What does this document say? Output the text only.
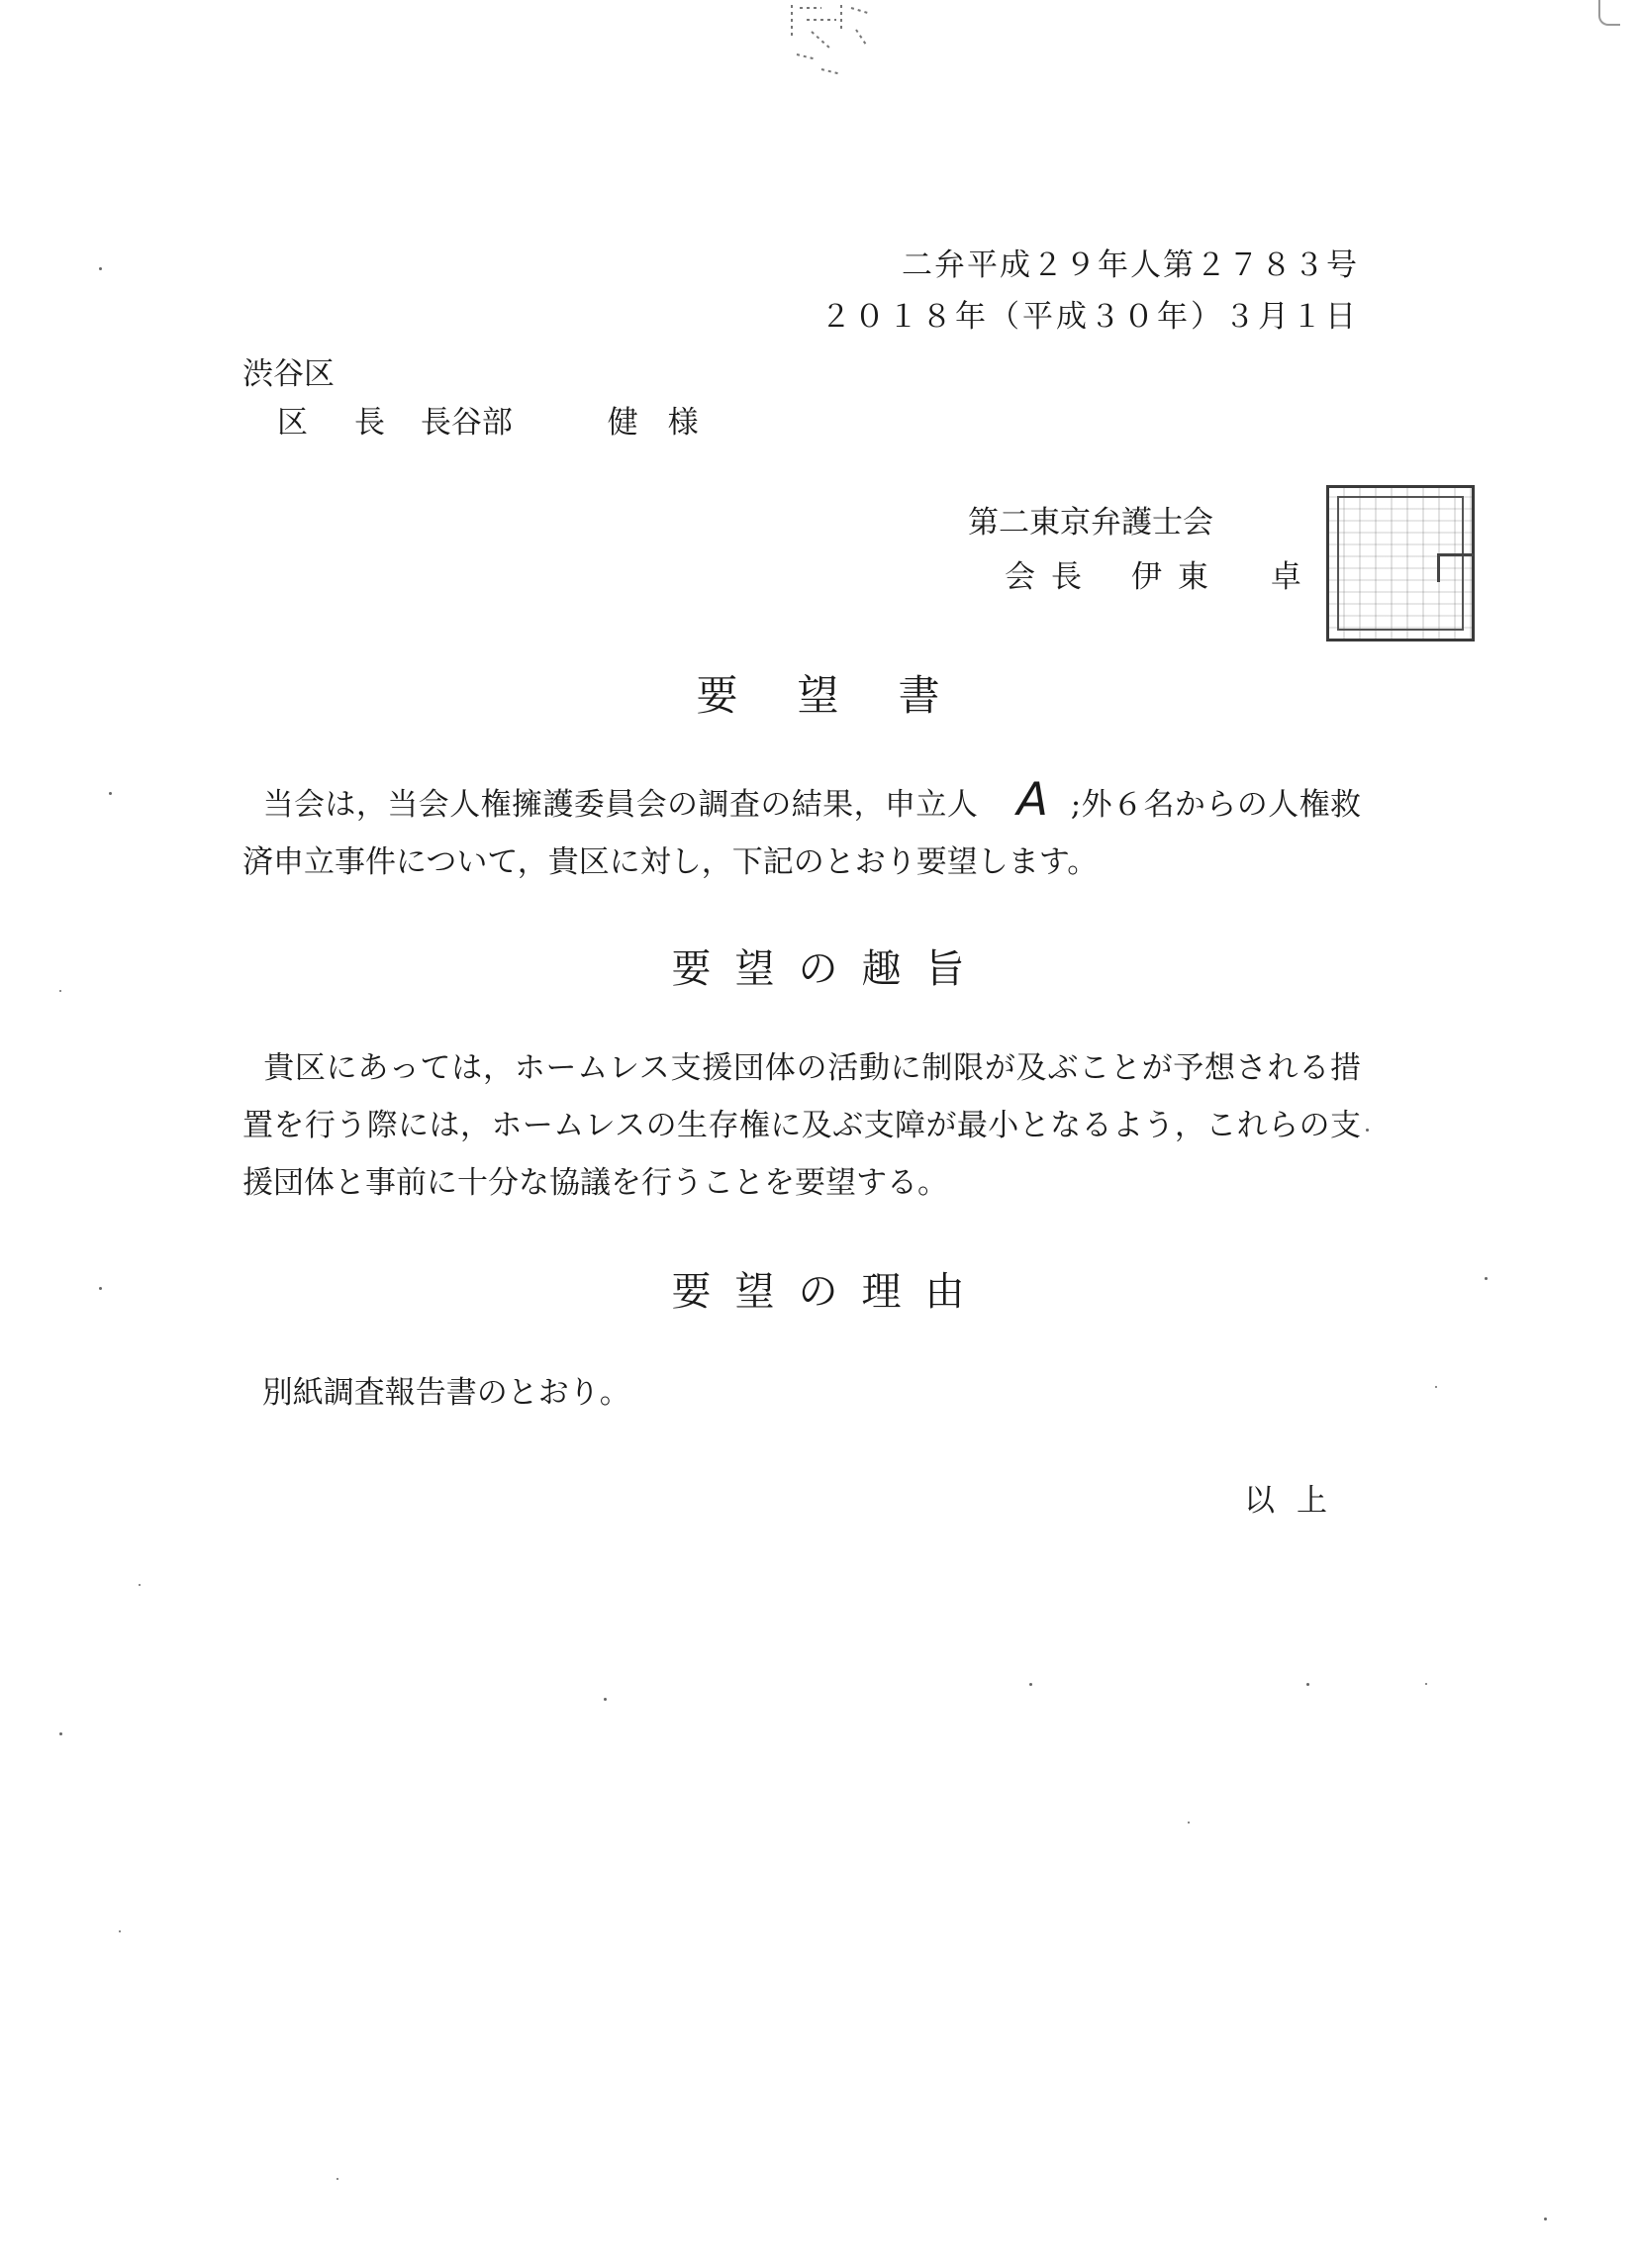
二弁平成２９年人第２７８３号
２０１８年（平成３０年）３月１日
渋谷区
区　長 長谷部	健 様
第二東京弁護士会
会長 伊東　卓
要望書
当会は，当会人権擁護委員会の調査の結果，申立人 A ;外６名からの人権救済申立事件について，貴区に対し，下記のとおり要望します。
要望の趣旨
貴区にあっては，ホームレス支援団体の活動に制限が及ぶことが予想される措置を行う際には，ホームレスの生存権に及ぶ支障が最小となるよう，これらの支援団体と事前に十分な協議を行うことを要望する。
要望の理由
別紙調査報告書のとおり。
以上
